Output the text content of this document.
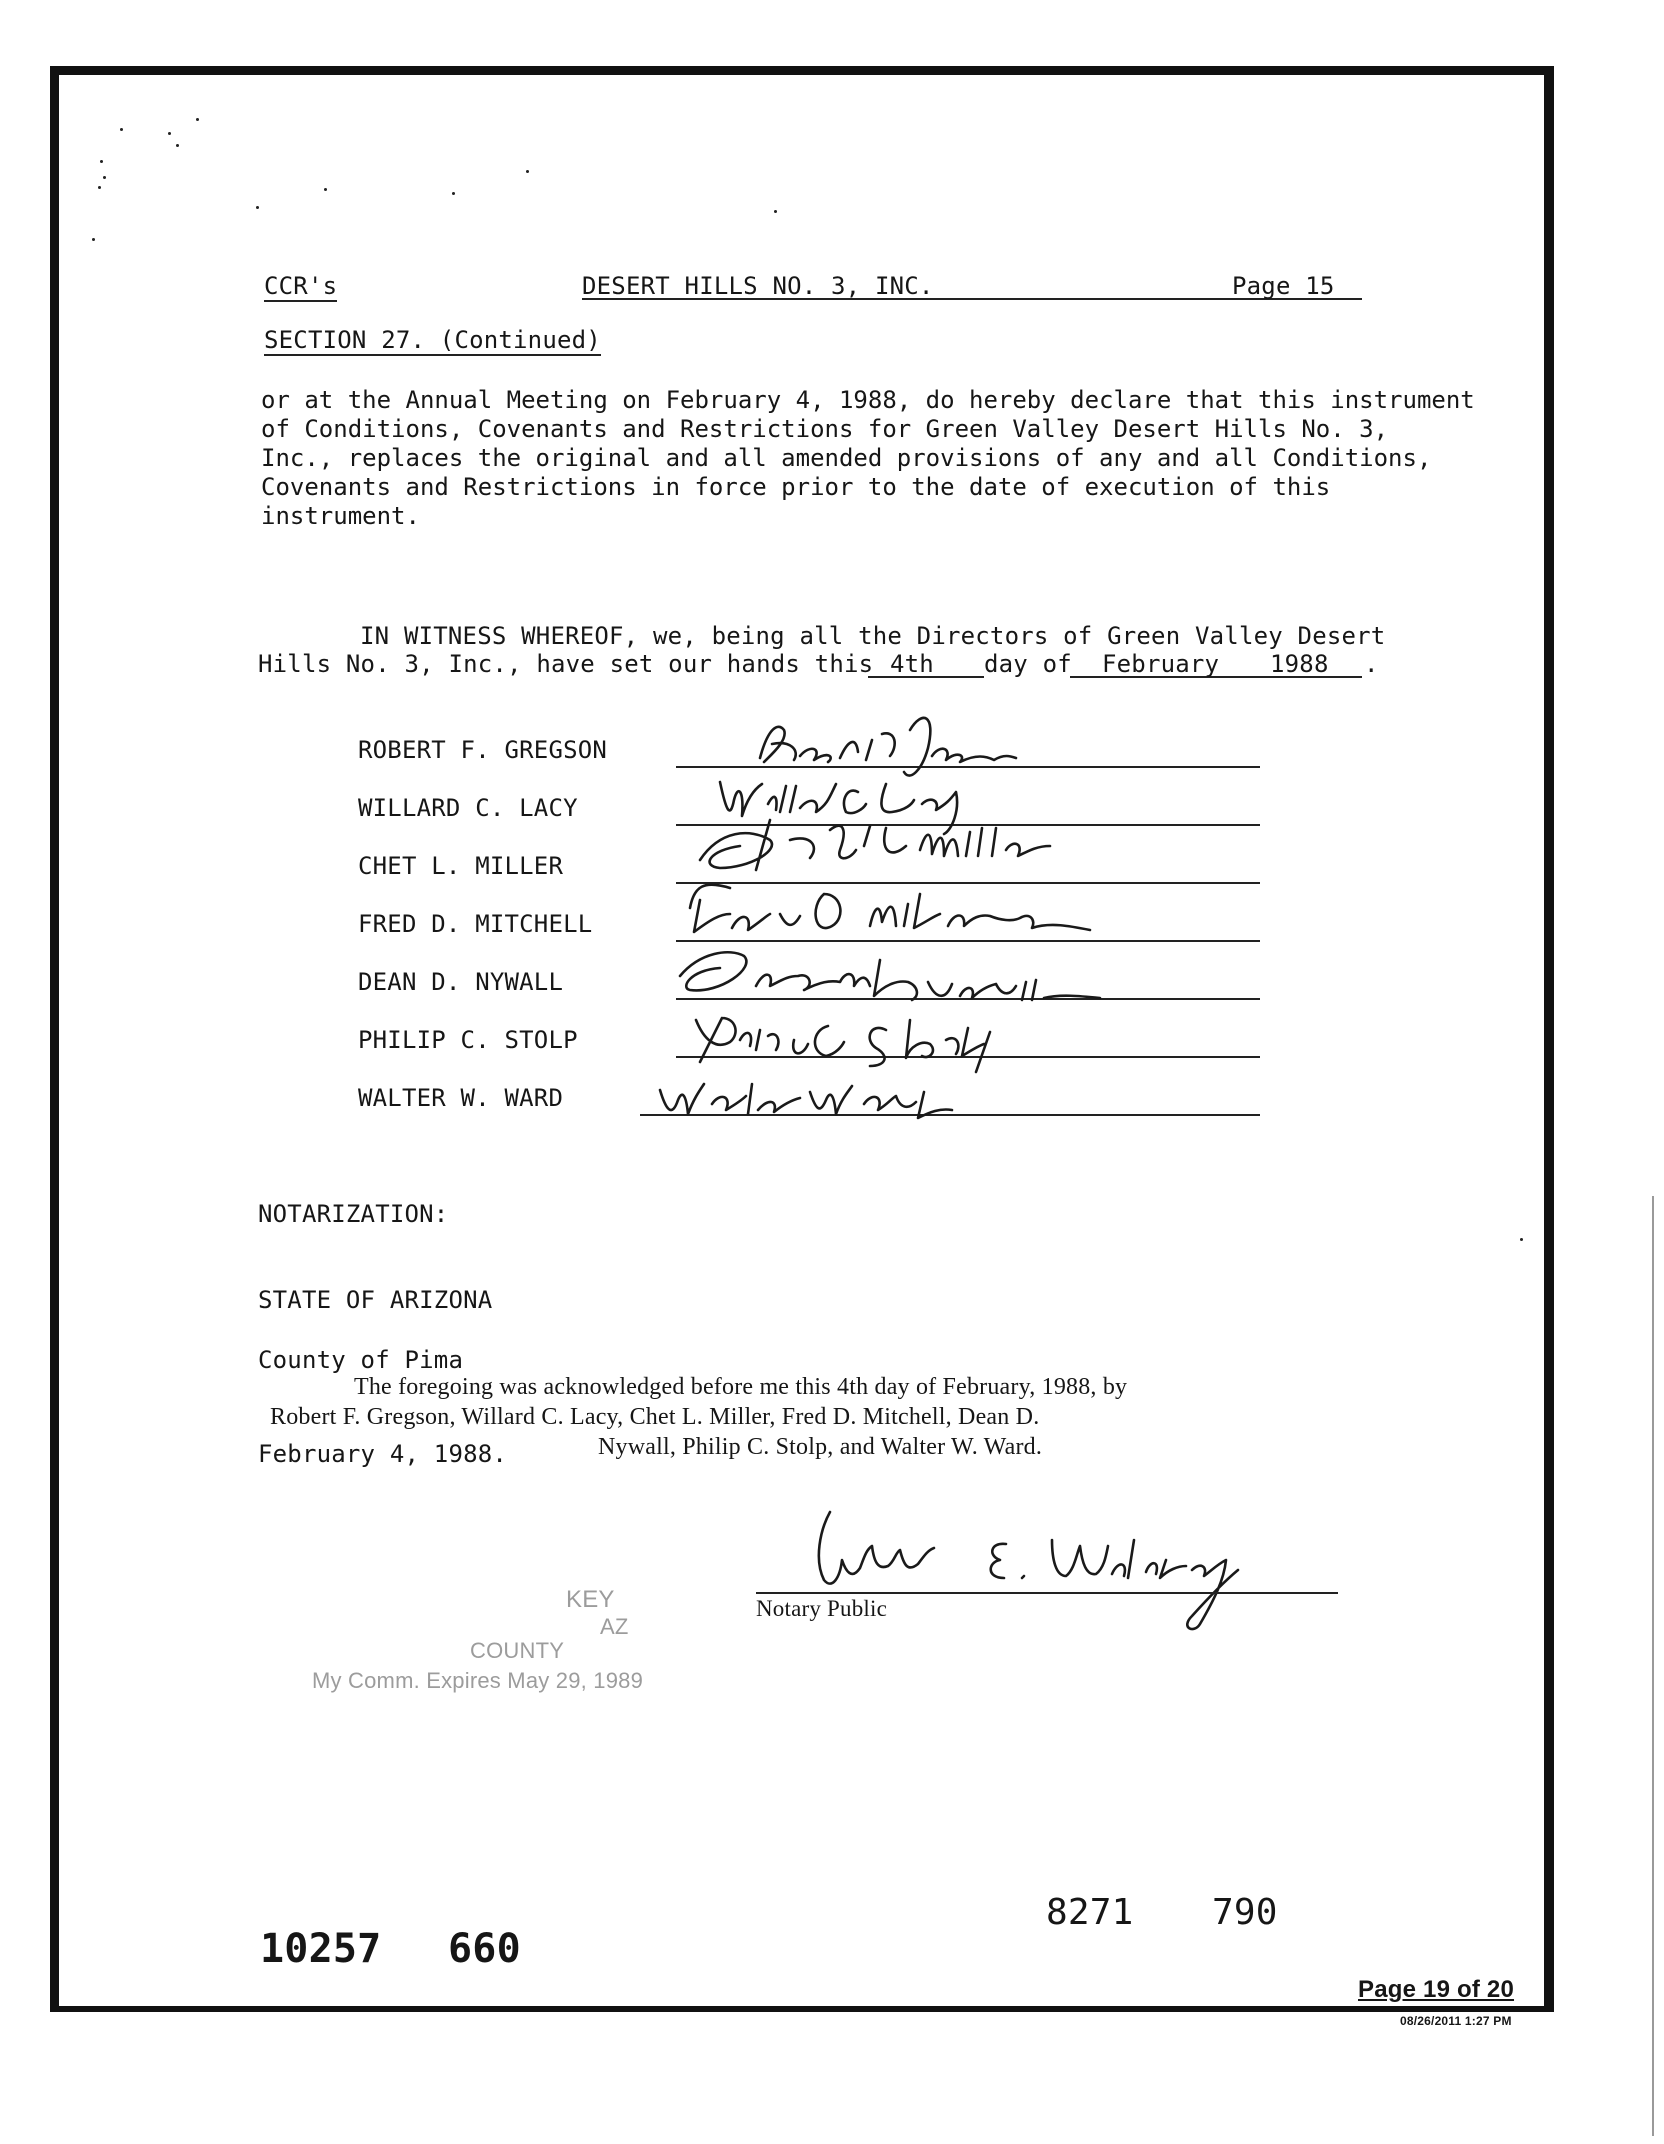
CCR's	DESERT HILLS NO. 3, INC.	Page 15
SECTION 27. (Continued)
or at the Annual Meeting on February 4, 1988, do hereby declare that this instrument
of Conditions, Covenants and Restrictions for Green Valley Desert Hills No. 3,
Inc., replaces the original and all amended provisions of any and all Conditions,
Covenants and Restrictions in force prior to the date of execution of this
instrument.
IN WITNESS WHEREOF, we, being all the Directors of Green Valley Desert
Hills No. 3, Inc., have set our hands this 4th day of February 1988 .
ROBERT F. GREGSON
WILLARD C. LACY
CHET L. MILLER
FRED D. MITCHELL
DEAN D. NYWALL
PHILIP C. STOLP
WALTER W. WARD
NOTARIZATION:
STATE OF ARIZONA
County of Pima
The foregoing was acknowledged before me this 4th day of February, 1988, by
Robert F. Gregson, Willard C. Lacy, Chet L. Miller, Fred D. Mitchell, Dean D.
February 4, 1988.	Nywall, Philip C. Stolp, and Walter W. Ward.
Notary Public
KEY
AZ
COUNTY
My Comm. Expires May 29, 1989
8271 790
10257 660
Page 19 of 20
08/26/2011 1:27 PM
